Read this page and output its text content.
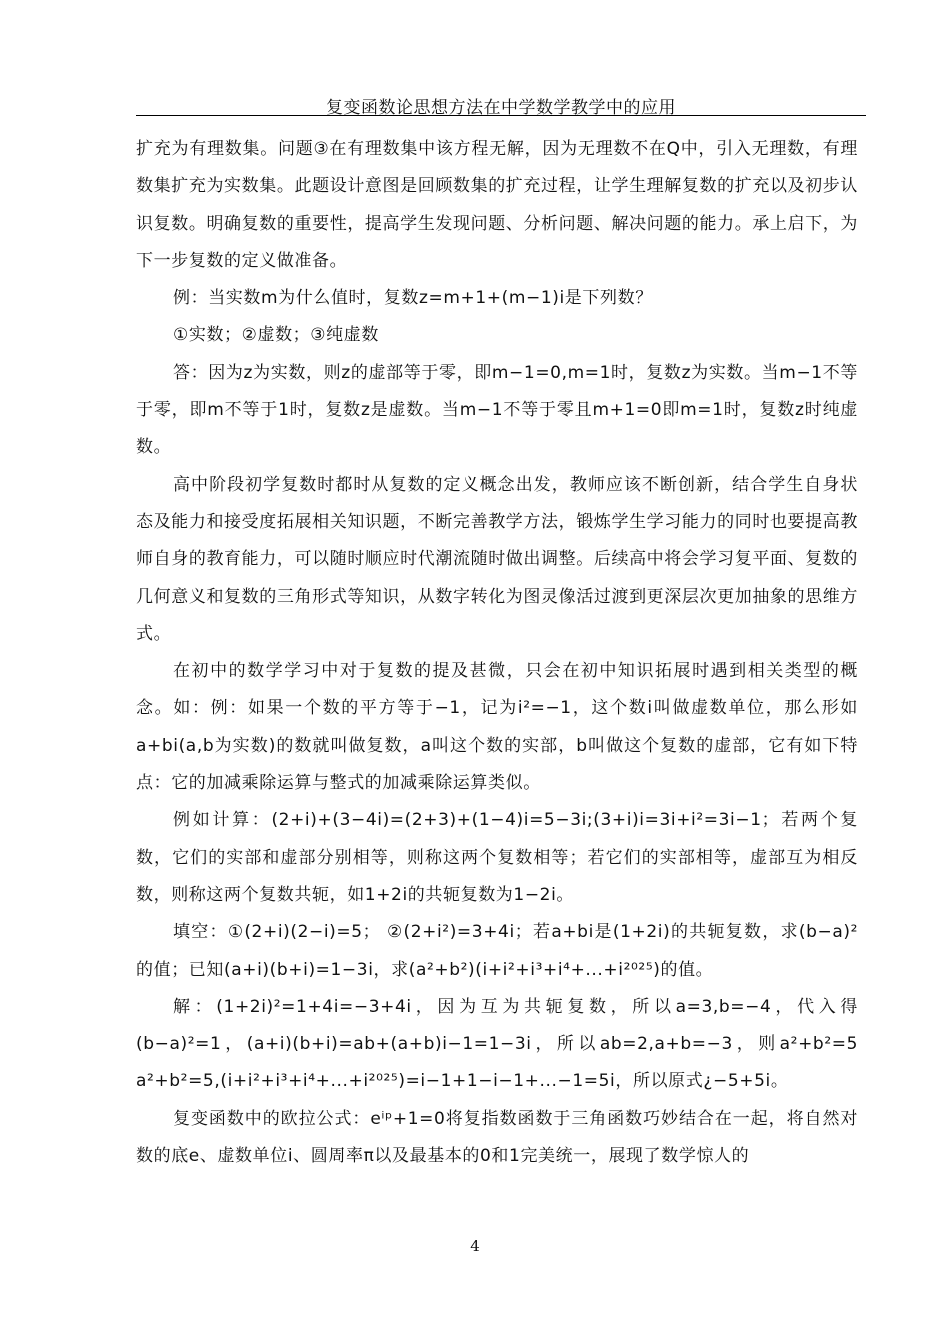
复变函数论思想方法在中学数学教学中的应用

扩充为有理数集。问题③在有理数集中该方程无解，因为无理数不在Q中，引入无理数，有理数集扩充为实数集。此题设计意图是回顾数集的扩充过程，让学生理解复数的扩充以及初步认识复数。明确复数的重要性，提高学生发现问题、分析问题、解决问题的能力。承上启下，为下一步复数的定义做准备。

例：当实数m为什么值时，复数z=m+1+(m−1)i是下列数？

①实数；②虚数；③纯虚数

答：因为z为实数，则z的虚部等于零，即m−1=0,m=1时，复数z为实数。当m−1不等于零，即m不等于1时，复数z是虚数。当m−1不等于零且m+1=0即m=1时，复数z时纯虚数。

高中阶段初学复数时都时从复数的定义概念出发，教师应该不断创新，结合学生自身状态及能力和接受度拓展相关知识题，不断完善教学方法，锻炼学生学习能力的同时也要提高教师自身的教育能力，可以随时顺应时代潮流随时做出调整。后续高中将会学习复平面、复数的几何意义和复数的三角形式等知识，从数字转化为图灵像活过渡到更深层次更加抽象的思维方式。

在初中的数学学习中对于复数的提及甚微，只会在初中知识拓展时遇到相关类型的概念。如：例：如果一个数的平方等于−1，记为i²=−1，这个数i叫做虚数单位，那么形如a+bi(a,b为实数)的数就叫做复数，a叫这个数的实部，b叫做这个复数的虚部，它有如下特点：它的加减乘除运算与整式的加减乘除运算类似。

例如计算：(2+i)+(3−4i)=(2+3)+(1−4)i=5−3i;(3+i)i=3i+i²=3i−1；若两个复数，它们的实部和虚部分别相等，则称这两个复数相等；若它们的实部相等，虚部互为相反数，则称这两个复数共轭，如1+2i的共轭复数为1−2i。

填空：①(2+i)(2−i)=5； ②(2+i²)=3+4i；若a+bi是(1+2i)的共轭复数，求(b−a)²的值；已知(a+i)(b+i)=1−3i，求(a²+b²)(i+i²+i³+i⁴+...+i²⁰²⁵)的值。

解：(1+2i)²=1+4i=−3+4i，因为互为共轭复数，所以a=3,b=−4，代入得(b−a)²=1，(a+i)(b+i)=ab+(a+b)i−1=1−3i，所以ab=2,a+b=−3，则a²+b²=5 a²+b²=5,(i+i²+i³+i⁴+...+i²⁰²⁵)=i−1+1−i−1+...−1=5i，所以原式¿−5+5i。

复变函数中的欧拉公式：eⁱᵖ+1=0将复指数函数于三角函数巧妙结合在一起，将自然对数的底e、虚数单位i、圆周率π以及最基本的0和1完美统一，展现了数学惊人的

4
